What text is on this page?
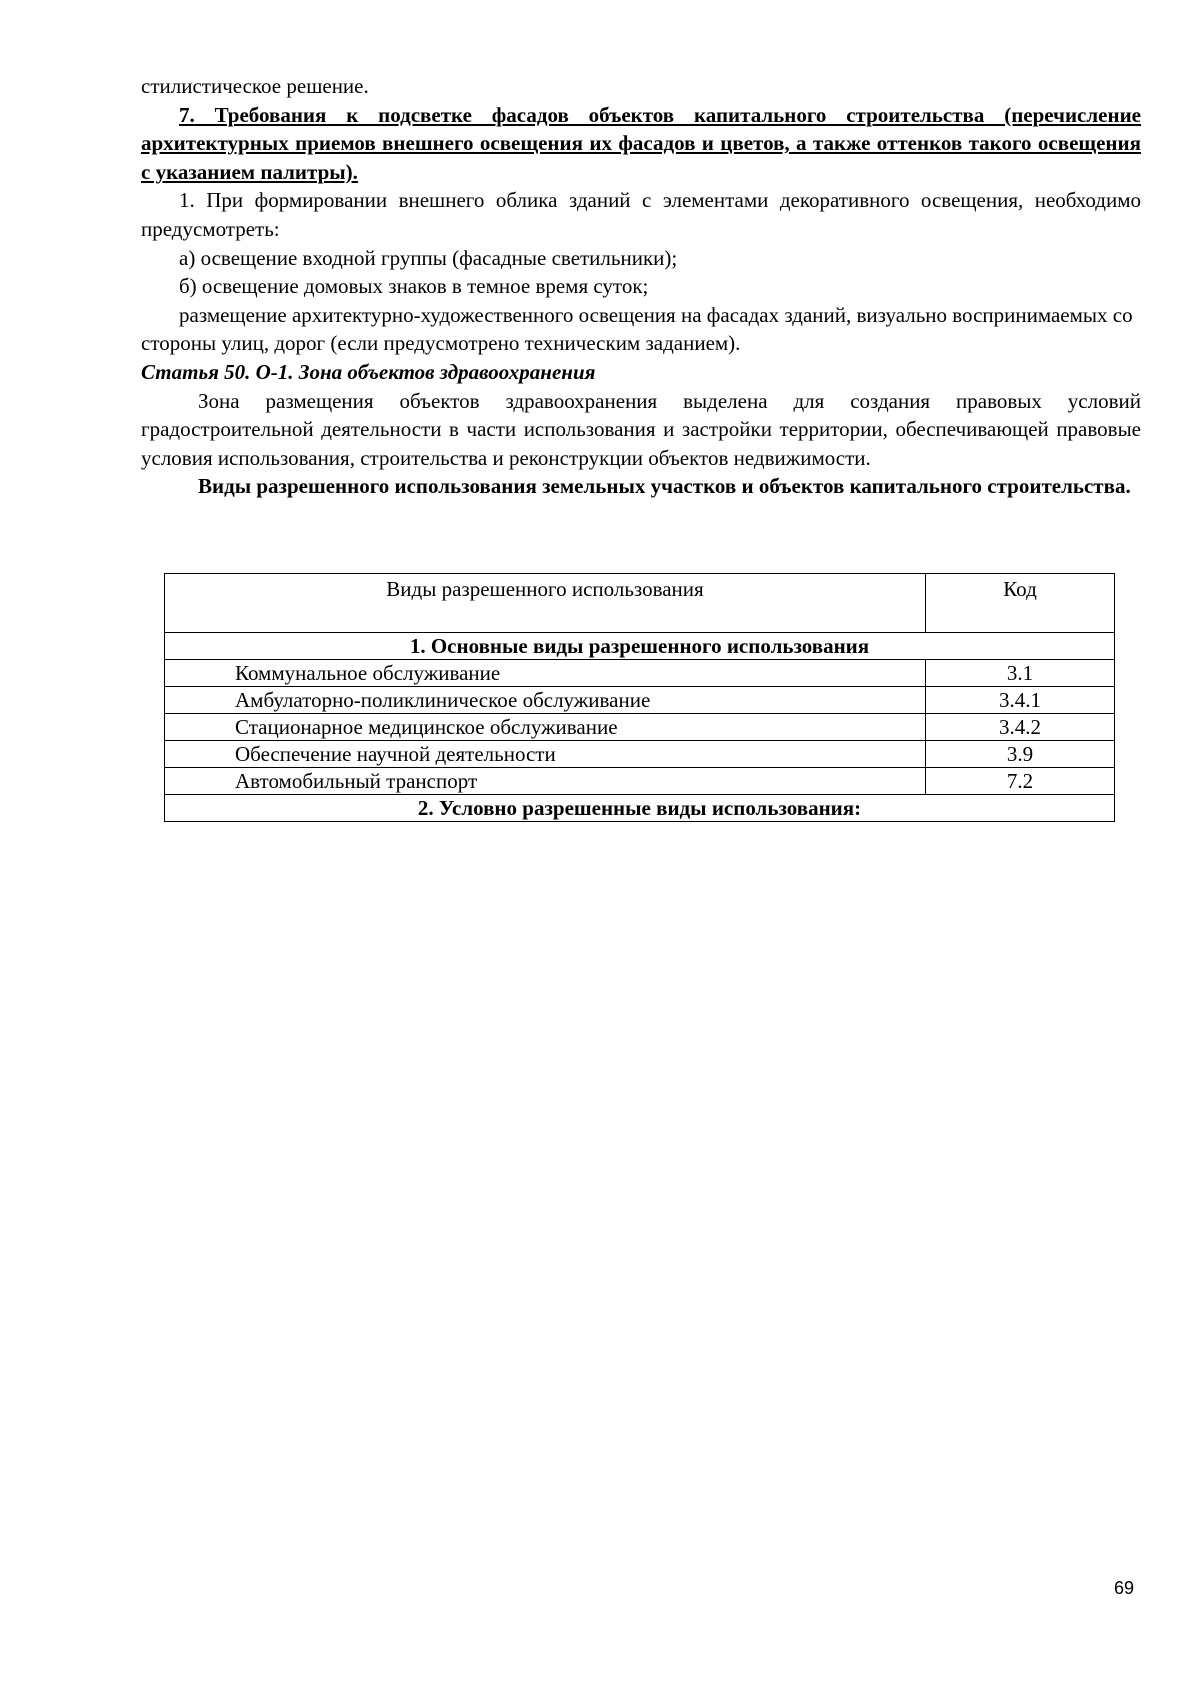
стилистическое решение.

7. Требования к подсветке фасадов объектов капитального строительства (перечисление архитектурных приемов внешнего освещения их фасадов и цветов, а также оттенков такого освещения с указанием палитры).

1. При формировании внешнего облика зданий с элементами декоративного освещения, необходимо предусмотреть:

а) освещение входной группы (фасадные светильники);

б) освещение домовых знаков в темное время суток;

размещение архитектурно-художественного освещения на фасадах зданий, визуально воспринимаемых со стороны улиц, дорог (если предусмотрено техническим заданием).

Статья 50. О-1. Зона объектов здравоохранения

Зона размещения объектов здравоохранения выделена для создания правовых условий градостроительной деятельности в части использования и застройки территории, обеспечивающей правовые условия использования, строительства и реконструкции объектов недвижимости.

Виды разрешенного использования земельных участков и объектов капитального строительства.

Виды разрешенного использования	Код
1. Основные виды разрешенного использования	
Коммунальное обслуживание	3.1
Амбулаторно-поликлиническое обслуживание	3.4.1
Стационарное медицинское обслуживание	3.4.2
Обеспечение научной деятельности	3.9
Автомобильный транспорт	7.2
2. Условно разрешенные виды использования:	
69
